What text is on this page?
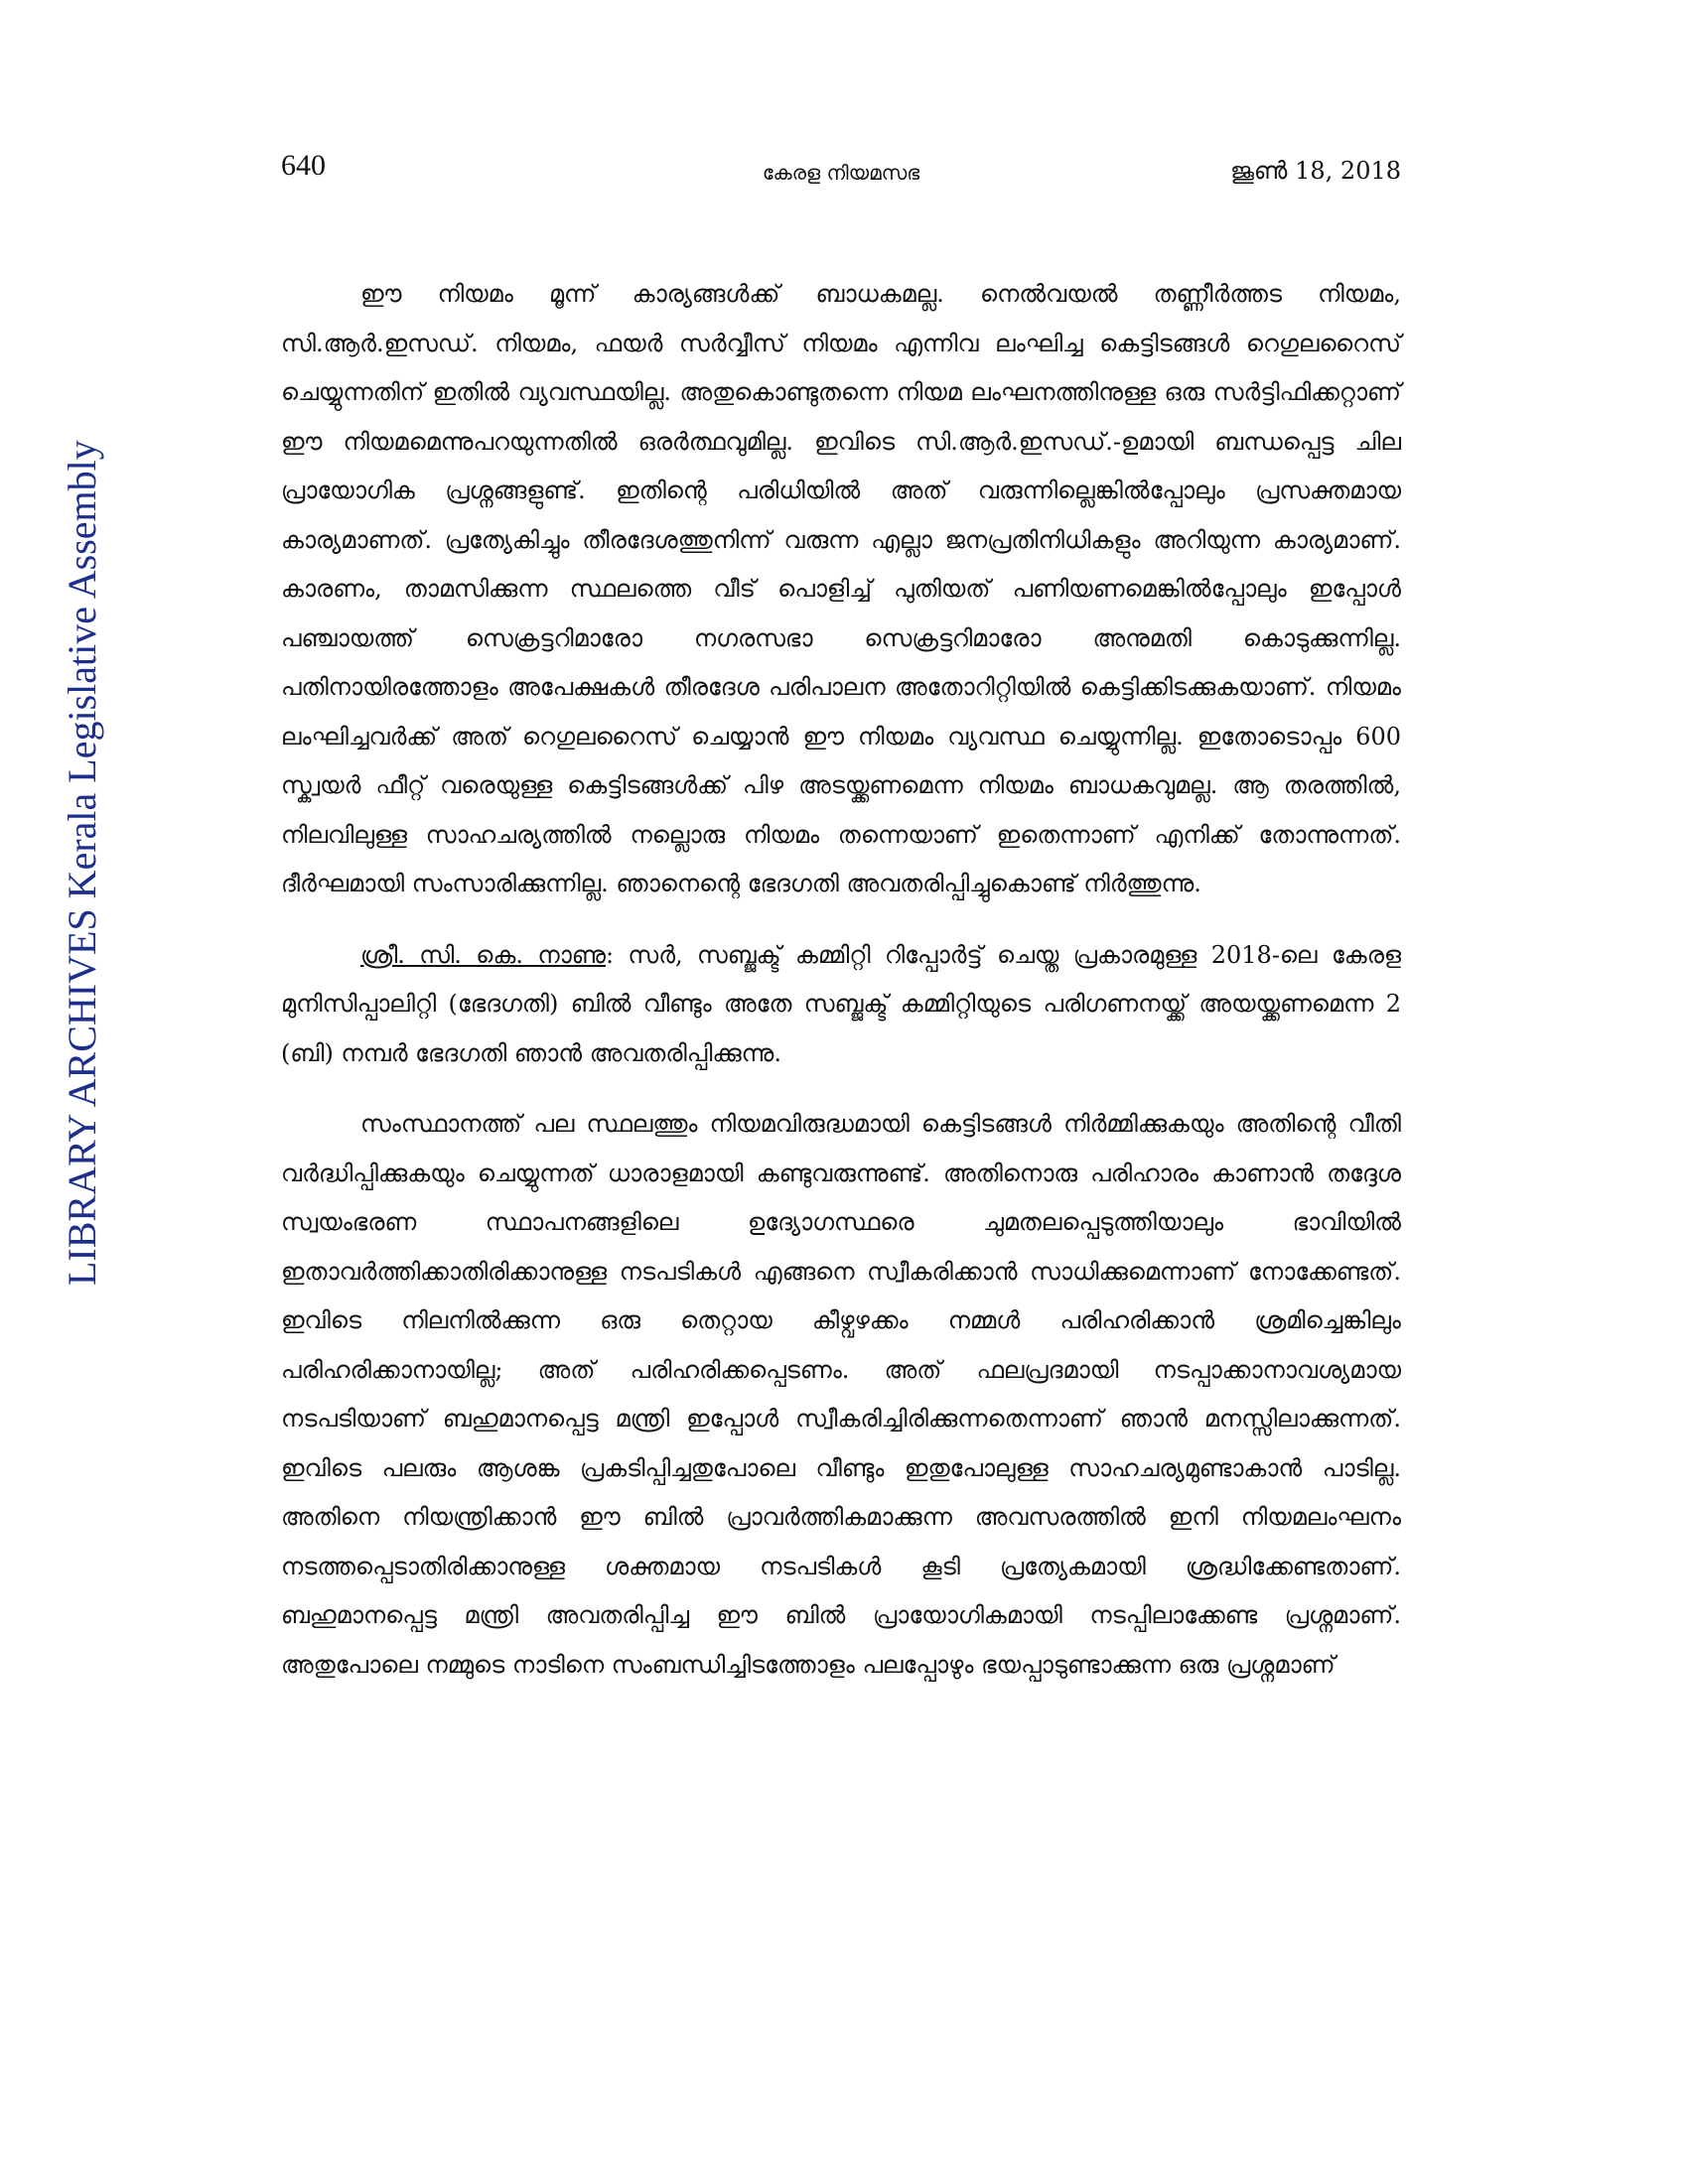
640	കേരള നിയമസഭ	ജൂൺ 18, 2018
LIBRARY ARCHIVES Kerala Legislative Assembly

ഈ നിയമം മൂന്ന് കാര്യങ്ങൾക്ക് ബാധകമല്ല. നെൽവയൽ തണ്ണീർത്തട നിയമം, സി.ആർ.ഇസഡ്. നിയമം, ഫയർ സർവ്വീസ് നിയമം എന്നിവ ലംഘിച്ച കെട്ടിടങ്ങൾ റെഗുലറൈസ് ചെയ്യുന്നതിന് ഇതിൽ വ്യവസ്ഥയില്ല. അതുകൊണ്ടുതന്നെ നിയമ ലംഘനത്തിനുള്ള ഒരു സർട്ടിഫിക്കറ്റാണ് ഈ നിയമമെന്നുപറയുന്നതിൽ ഒരർത്ഥവുമില്ല. ഇവിടെ സി.ആർ.ഇസഡ്.-ഉമായി ബന്ധപ്പെട്ട ചില പ്രായോഗിക പ്രശ്നങ്ങളുണ്ട്. ഇതിന്റെ പരിധിയിൽ അത് വരുന്നില്ലെങ്കിൽപ്പോലും പ്രസക്തമായ കാര്യമാണത്. പ്രത്യേകിച്ചും തീരദേശത്തുനിന്ന് വരുന്ന എല്ലാ ജനപ്രതിനിധികളും അറിയുന്ന കാര്യമാണ്. കാരണം, താമസിക്കുന്ന സ്ഥലത്തെ വീട് പൊളിച്ച് പുതിയത് പണിയണമെങ്കിൽപ്പോലും ഇപ്പോൾ പഞ്ചായത്ത് സെക്രട്ടറിമാരോ നഗരസഭാ സെക്രട്ടറിമാരോ അനുമതി കൊടുക്കുന്നില്ല. പതിനായിരത്തോളം അപേക്ഷകൾ തീരദേശ പരിപാലന അതോറിറ്റിയിൽ കെട്ടിക്കിടക്കുകയാണ്. നിയമം ലംഘിച്ചവർക്ക് അത് റെഗുലറൈസ് ചെയ്യാൻ ഈ നിയമം വ്യവസ്ഥ ചെയ്യുന്നില്ല. ഇതോടൊപ്പം 600 സ്ക്വയർ ഫീറ്റ് വരെയുള്ള കെട്ടിടങ്ങൾക്ക് പിഴ അടയ്ക്കണമെന്ന നിയമം ബാധകവുമല്ല. ആ തരത്തിൽ, നിലവിലുള്ള സാഹചര്യത്തിൽ നല്ലൊരു നിയമം തന്നെയാണ് ഇതെന്നാണ് എനിക്ക് തോന്നുന്നത്. ദീർഘമായി സംസാരിക്കുന്നില്ല. ഞാനെന്റെ ഭേദഗതി അവതരിപ്പിച്ചുകൊണ്ട് നിർത്തുന്നു.

ശ്രീ. സി. കെ. നാണു: സർ, സബ്ജക്ട് കമ്മിറ്റി റിപ്പോർട്ട് ചെയ്ത പ്രകാരമുള്ള 2018-ലെ കേരള മുനിസിപ്പാലിറ്റി (ഭേദഗതി) ബിൽ വീണ്ടും അതേ സബ്ജക്ട് കമ്മിറ്റിയുടെ പരിഗണനയ്ക്ക് അയയ്ക്കണമെന്ന 2 (ബി) നമ്പർ ഭേദഗതി ഞാൻ അവതരിപ്പിക്കുന്നു.

സംസ്ഥാനത്ത് പല സ്ഥലത്തും നിയമവിരുദ്ധമായി കെട്ടിടങ്ങൾ നിർമ്മിക്കുകയും അതിന്റെ വീതി വർദ്ധിപ്പിക്കുകയും ചെയ്യുന്നത് ധാരാളമായി കണ്ടുവരുന്നുണ്ട്. അതിനൊരു പരിഹാരം കാണാൻ തദ്ദേശ സ്വയംഭരണ സ്ഥാപനങ്ങളിലെ ഉദ്യോഗസ്ഥരെ ചുമതലപ്പെടുത്തിയാലും ഭാവിയിൽ ഇതാവർത്തിക്കാതിരിക്കാനുള്ള നടപടികൾ എങ്ങനെ സ്വീകരിക്കാൻ സാധിക്കുമെന്നാണ് നോക്കേണ്ടത്. ഇവിടെ നിലനിൽക്കുന്ന ഒരു തെറ്റായ കീഴ്വഴക്കം നമ്മൾ പരിഹരിക്കാൻ ശ്രമിച്ചെങ്കിലും പരിഹരിക്കാനായില്ല; അത് പരിഹരിക്കപ്പെടണം. അത് ഫലപ്രദമായി നടപ്പാക്കാനാവശ്യമായ നടപടിയാണ് ബഹുമാനപ്പെട്ട മന്ത്രി ഇപ്പോൾ സ്വീകരിച്ചിരിക്കുന്നതെന്നാണ് ഞാൻ മനസ്സിലാക്കുന്നത്. ഇവിടെ പലരും ആശങ്ക പ്രകടിപ്പിച്ചതുപോലെ വീണ്ടും ഇതുപോലുള്ള സാഹചര്യമുണ്ടാകാൻ പാടില്ല. അതിനെ നിയന്ത്രിക്കാൻ ഈ ബിൽ പ്രാവർത്തികമാക്കുന്ന അവസരത്തിൽ ഇനി നിയമലംഘനം നടത്തപ്പെടാതിരിക്കാനുള്ള ശക്തമായ നടപടികൾ കൂടി പ്രത്യേകമായി ശ്രദ്ധിക്കേണ്ടതാണ്. ബഹുമാനപ്പെട്ട മന്ത്രി അവതരിപ്പിച്ച ഈ ബിൽ പ്രായോഗികമായി നടപ്പിലാക്കേണ്ട പ്രശ്നമാണ്. അതുപോലെ നമ്മുടെ നാടിനെ സംബന്ധിച്ചിടത്തോളം പലപ്പോഴും ഭയപ്പാടുണ്ടാക്കുന്ന ഒരു പ്രശ്നമാണ്
